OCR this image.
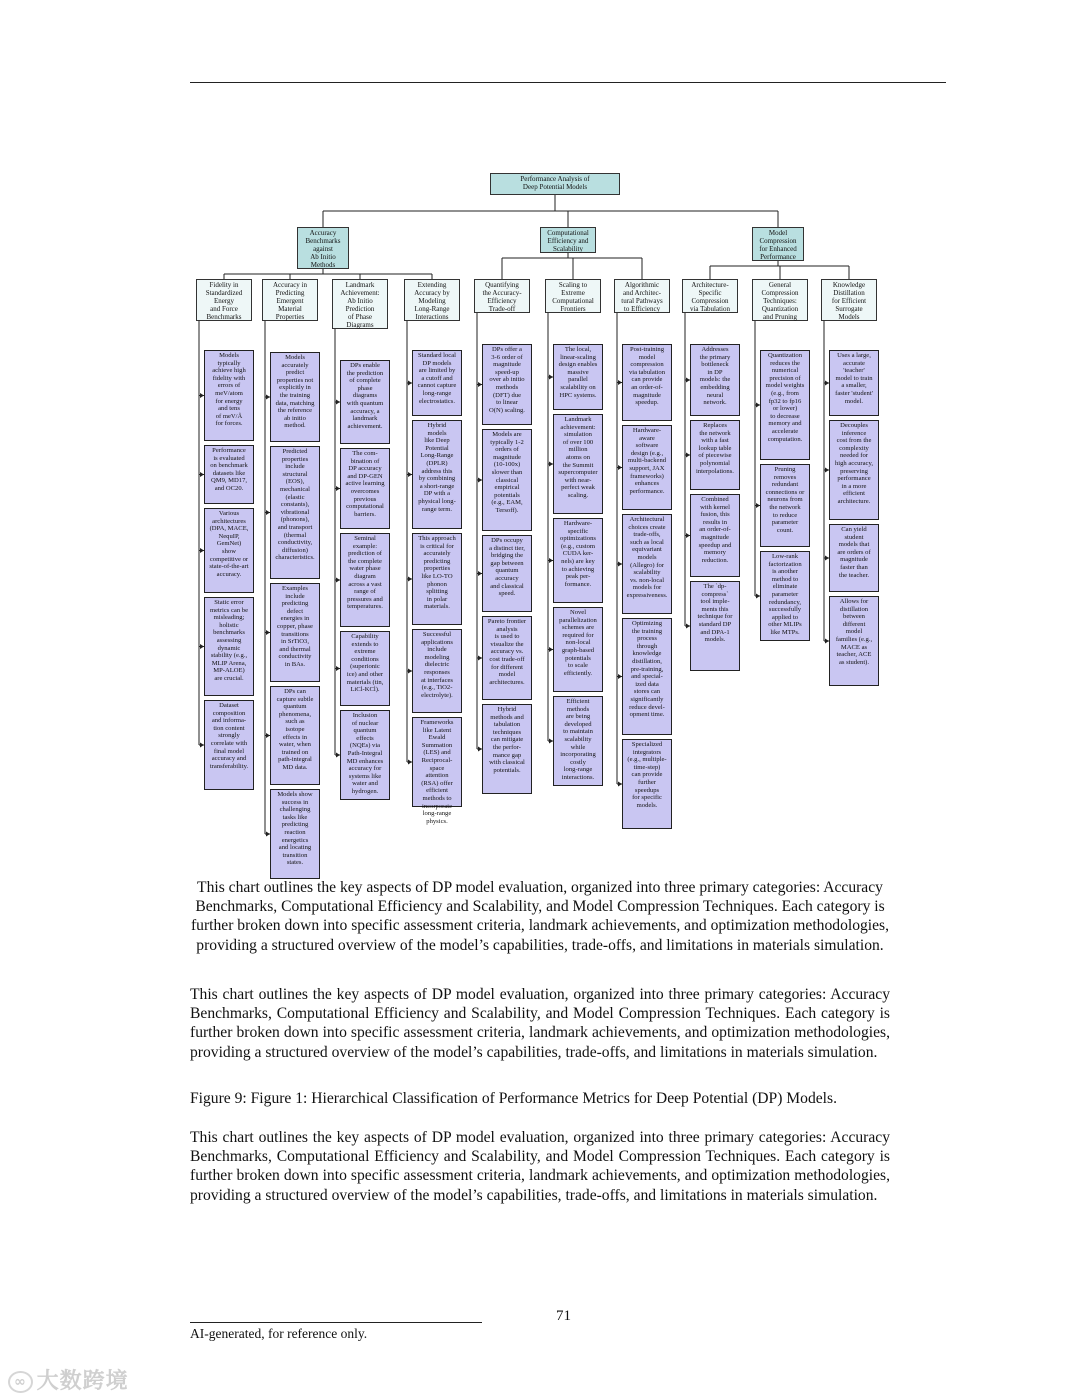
Performance Analysis of
Deep Potential Models
Accuracy
Benchmarks
against
Ab Initio
Methods
Computational
Efficiency and
Scalability
Model
Compression
for Enhanced
Performance
Fidelity in
Standardized
Energy
and Force
Benchmarks
Accuracy in
Predicting
Emergent
Material
Properties
Landmark
Achievement:
Ab Initio
Prediction
of Phase
Diagrams
Extending
Accuracy by
Modeling
Long-Range
Interactions
Quantifying
the Accuracy-
Efficiency
Trade-off
Scaling to
Extreme
Computational
Frontiers
Algorithmic
and Architec-
tural Pathways
to Efficiency
Architecture-
Specific
Compression
via Tabulation
General
Compression
Techniques:
Quantization
and Pruning
Knowledge
Distillation
for Efficient
Surrogate
Models
Models
typically
achieve high
fidelity with
errors of
meV/atom
for energy
and tens
of meV/Å
for forces.
Performance
is evaluated
on benchmark
datasets like
QM9, MD17,
and OC20.
Various
architectures
(DPA, MACE,
NequIP,
GemNet)
show
competitive or
state-of-the-art
accuracy.
Static error
metrics can be
misleading;
holistic
benchmarks
assessing
dynamic
stability (e.g.,
MLIP Arena,
MP-ALOE)
are crucial.
Dataset
composition
and informa-
tion content
strongly
correlate with
final model
accuracy and
transferability.
Models
accurately
predict
properties not
explicitly in
the training
data, matching
the reference
ab initio
method.
Predicted
properties
include
structural
(EOS),
mechanical
(elastic
constants),
vibrational
(phonons),
and transport
(thermal
conductivity,
diffusion)
characteristics.
Examples
include
predicting
defect
energies in
copper, phase
transitions
in SrTiO3,
and thermal
conductivity
in BAs.
DPs can
capture subtle
quantum
phenomena,
such as
isotope
effects in
water, when
trained on
path-integral
MD data.
Models show
success in
challenging
tasks like
predicting
reaction
energetics
and locating
transition
states.
DPs enable
the prediction
of complete
phase
diagrams
with quantum
accuracy, a
landmark
achievement.
The com-
bination of
DP accuracy
and DP-GEN
active learning
overcomes
previous
computational
barriers.
Seminal
example:
prediction of
the complete
water phase
diagram
across a vast
range of
pressures and
temperatures.
Capability
extends to
extreme
conditions
(superionic
ice) and other
materials (tin,
LiCl-KCl).
Inclusion
of nuclear
quantum
effects
(NQEs) via
Path-Integral
MD enhances
accuracy for
systems like
water and
hydrogen.
Standard local
DP models
are limited by
a cutoff and
cannot capture
long-range
electrostatics.
Hybrid
models
like Deep
Potential
Long-Range
(DPLR)
address this
by combining
a short-range
DP with a
physical long-
range term.
This approach
is critical for
accurately
predicting
properties
like LO-TO
phonon
splitting
in polar
materials.
Successful
applications
include
modeling
dielectric
responses
at interfaces
(e.g., TiO2-
electrolyte).
Frameworks
like Latent
Ewald
Summation
(LES) and
Reciprocal-
space
attention
(RSA) offer
efficient
methods to
incorporate
long-range
physics.
DPs offer a
3-6 order of
magnitude
speed-up
over ab initio
methods
(DFT) due
to linear
O(N) scaling.
Models are
typically 1-2
orders of
magnitude
(10-100x)
slower than
classical
empirical
potentials
(e.g., EAM,
Tersoff).
DPs occupy
a distinct tier,
bridging the
gap between
quantum
accuracy
and classical
speed.
Pareto frontier
analysis
is used to
visualize the
accuracy vs.
cost trade-off
for different
model
architectures.
Hybrid
methods and
tabulation
techniques
can mitigate
the perfor-
mance gap
with classical
potentials.
The local,
linear-scaling
design enables
massive
parallel
scalability on
HPC systems.
Landmark
achievement:
simulation
of over 100
million
atoms on
the Summit
supercomputer
with near-
perfect weak
scaling.
Hardware-
specific
optimizations
(e.g., custom
CUDA ker-
nels) are key
to achieving
peak per-
formance.
Novel
parallelization
schemes are
required for
non-local
graph-based
potentials
to scale
efficiently.
Efficient
methods
are being
developed
to maintain
scalability
while
incorporating
costly
long-range
interactions.
Post-training
model
compression
via tabulation
can provide
an order-of-
magnitude
speedup.
Hardware-
aware
software
design (e.g.,
multi-backend
support, JAX
frameworks)
enhances
performance.
Architectural
choices create
trade-offs,
such as local
equivariant
models
(Allegro) for
scalability
vs. non-local
models for
expressiveness.
Optimizing
the training
process
through
knowledge
distillation,
pre-training,
and special-
ized data
stores can
significantly
reduce devel-
opment time.
Specialized
integrators
(e.g., multiple-
time-step)
can provide
further
speedups
for specific
models.
Addresses
the primary
bottleneck
in DP
models: the
embedding
neural
network.
Replaces
the network
with a fast
lookup table
of piecewise
polynomial
interpolations.
Combined
with kernel
fusion, this
results in
an order-of-
magnitude
speedup and
memory
reduction.
The `dp-
compress`
tool imple-
ments this
technique for
standard DP
and DPA-1
models.
Quantization
reduces the
numerical
precision of
model weights
(e.g., from
fp32 to fp16
or lower)
to decrease
memory and
accelerate
computation.
Pruning
removes
redundant
connections or
neurons from
the network
to reduce
parameter
count.
Low-rank
factorization
is another
method to
eliminate
parameter
redundancy,
successfully
applied to
other MLIPs
like MTPs.
Uses a large,
accurate
'teacher'
model to train
a smaller,
faster 'student'
model.
Decouples
inference
cost from the
complexity
needed for
high accuracy,
preserving
performance
in a more
efficient
architecture.
Can yield
student
models that
are orders of
magnitude
faster than
the teacher.
Allows for
distillation
between
different
model
families (e.g.,
MACE as
teacher, ACE
as student).
This chart outlines the key aspects of DP model evaluation, organized into three primary categories: Accuracy Benchmarks, Computational Efficiency and Scalability, and Model Compression Techniques. Each category is further broken down into specific assessment criteria, landmark achievements, and optimization methodologies, providing a structured overview of the model’s capabilities, trade-offs, and limitations in materials simulation.
This chart outlines the key aspects of DP model evaluation, organized into three primary categories: Accuracy Benchmarks, Computational Efficiency and Scalability, and Model Compression Techniques. Each category is further broken down into specific assessment criteria, landmark achievements, and optimization methodologies, providing a structured overview of the model’s capabilities, trade-offs, and limitations in materials simulation.
Figure 9: Figure 1: Hierarchical Classification of Performance Metrics for Deep Potential (DP) Models.
This chart outlines the key aspects of DP model evaluation, organized into three primary categories: Accuracy Benchmarks, Computational Efficiency and Scalability, and Model Compression Techniques. Each category is further broken down into specific assessment criteria, landmark achievements, and optimization methodologies, providing a structured overview of the model’s capabilities, trade-offs, and limitations in materials simulation.
71
AI-generated, for reference only.
∞ 大数跨境
